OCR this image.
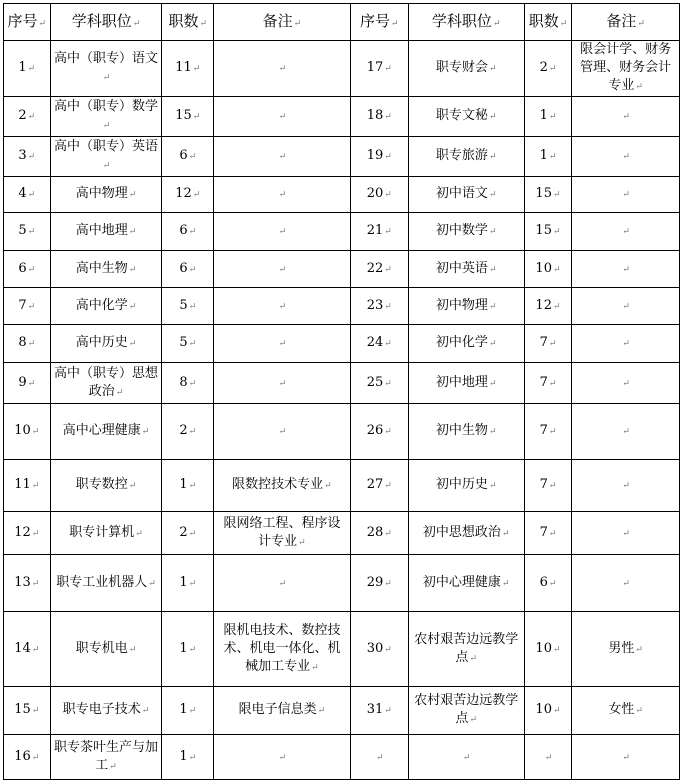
序号↵	学科职位↵	职数↵	备注↵	序号↵	学科职位↵	职数↵	备注↵
1↵	高中（职专）语文↵	11↵	↵	17↵	职专财会↵	2↵	限会计学、财务管理、财务会计专业↵
2↵	高中（职专）数学↵	15↵	↵	18↵	职专文秘↵	1↵	↵
3↵	高中（职专）英语↵	6↵	↵	19↵	职专旅游↵	1↵	↵
4↵	高中物理↵	12↵	↵	20↵	初中语文↵	15↵	↵
5↵	高中地理↵	6↵	↵	21↵	初中数学↵	15↵	↵
6↵	高中生物↵	6↵	↵	22↵	初中英语↵	10↵	↵
7↵	高中化学↵	5↵	↵	23↵	初中物理↵	12↵	↵
8↵	高中历史↵	5↵	↵	24↵	初中化学↵	7↵	↵
9↵	高中（职专）思想政治↵	8↵	↵	25↵	初中地理↵	7↵	↵
10↵	高中心理健康↵	2↵	↵	26↵	初中生物↵	7↵	↵
11↵	职专数控↵	1↵	限数控技术专业↵	27↵	初中历史↵	7↵	↵
12↵	职专计算机↵	2↵	限网络工程、程序设计专业↵	28↵	初中思想政治↵	7↵	↵
13↵	职专工业机器人↵	1↵	↵	29↵	初中心理健康↵	6↵	↵
14↵	职专机电↵	1↵	限机电技术、数控技术、机电一体化、机械加工专业↵	30↵	农村艰苦边远教学点↵	10↵	男性↵
15↵	职专电子技术↵	1↵	限电子信息类↵	31↵	农村艰苦边远教学点↵	10↵	女性↵
16↵	职专茶叶生产与加工↵	1↵	↵	↵	↵	↵	↵
